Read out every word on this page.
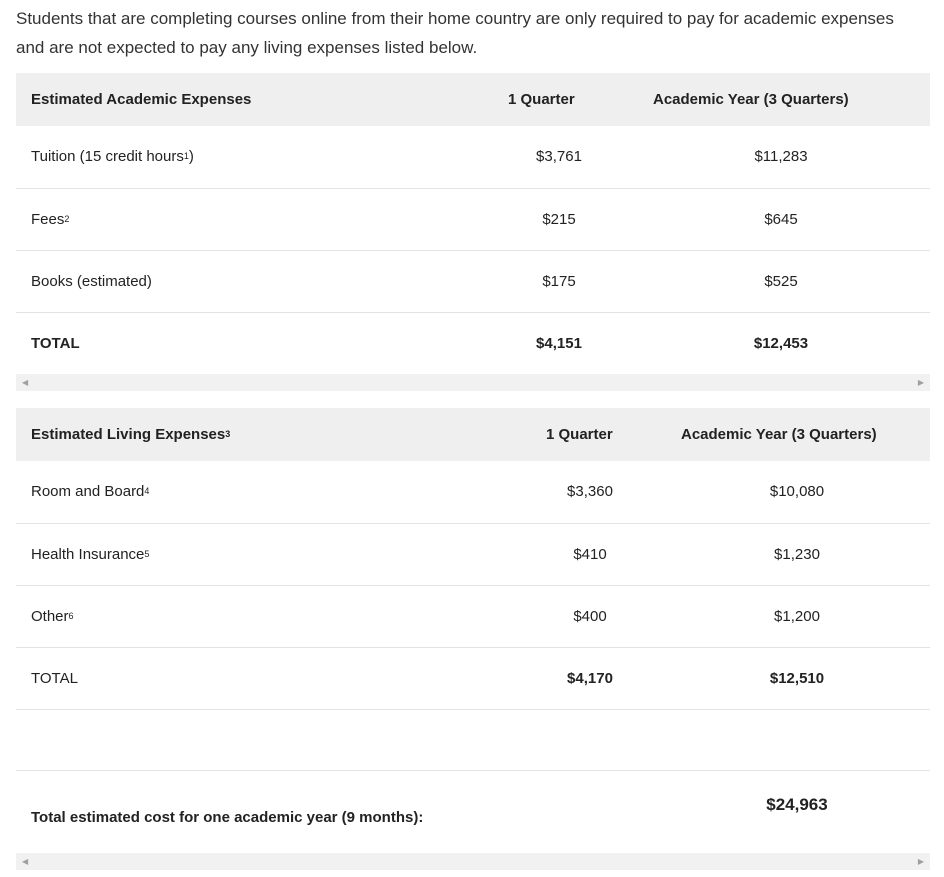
Students that are completing courses online from their home country are only required to pay for academic expenses and are not expected to pay any living expenses listed below.
Estimated Academic Expenses	1 Quarter	Academic Year (3 Quarters)
Tuition (15 credit hours$^1$)	$3,761	$11,283
Fees$^2$	$215	$645
Books (estimated)	$175	$525
TOTAL	$4,151	$12,453
◀	▶
Estimated Living Expenses$^3$	1 Quarter	Academic Year (3 Quarters)
Room and Board$^4$	$3,360	$10,080
Health Insurance$^5$	$410	$1,230
Other$^6$	$400	$1,200
TOTAL	$4,170	$12,510

Total estimated cost for one academic year (9 months):		$24,963
◀	▶
